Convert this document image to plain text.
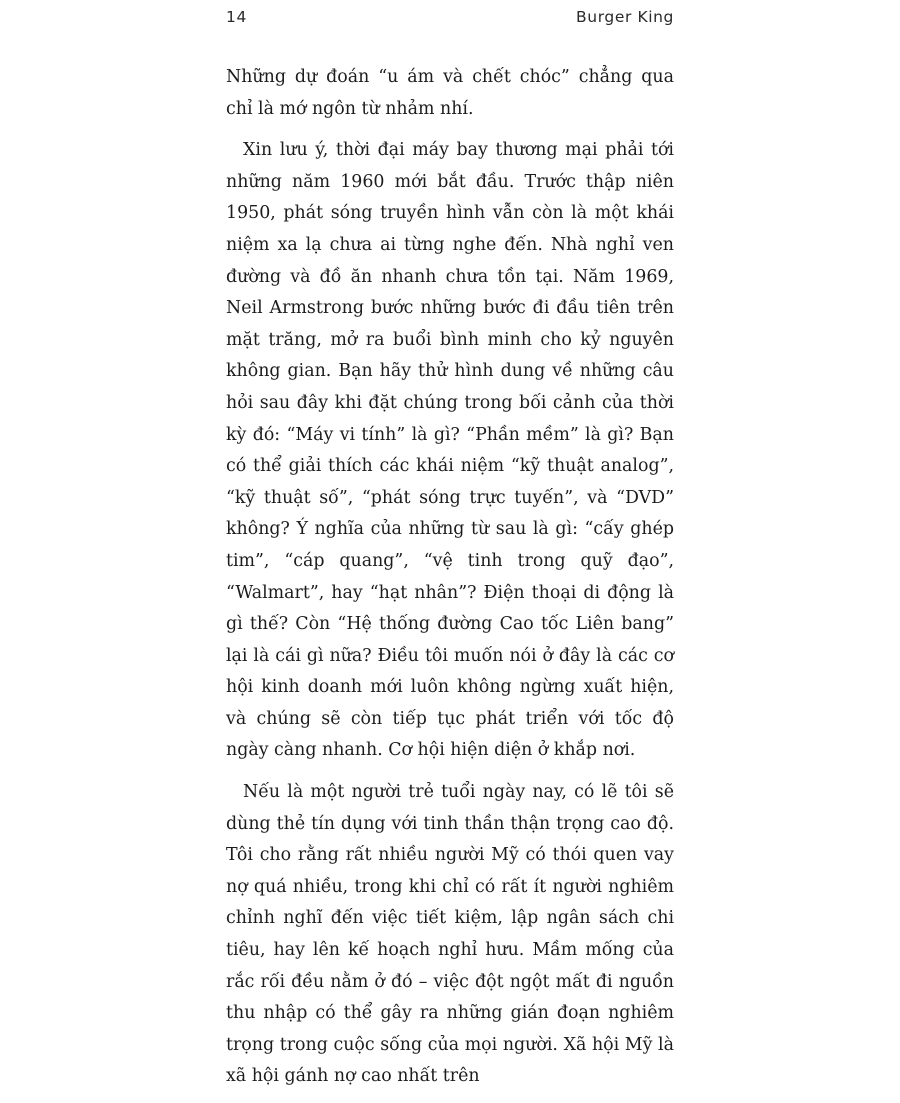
14	Burger King

Những dự đoán “u ám và chết chóc” chẳng qua chỉ là mớ ngôn từ nhảm nhí.

Xin lưu ý, thời đại máy bay thương mại phải tới những năm 1960 mới bắt đầu. Trước thập niên 1950, phát sóng truyền hình vẫn còn là một khái niệm xa lạ chưa ai từng nghe đến. Nhà nghỉ ven đường và đồ ăn nhanh chưa tồn tại. Năm 1969, Neil Armstrong bước những bước đi đầu tiên trên mặt trăng, mở ra buổi bình minh cho kỷ nguyên không gian. Bạn hãy thử hình dung về những câu hỏi sau đây khi đặt chúng trong bối cảnh của thời kỳ đó: “Máy vi tính” là gì? “Phần mềm” là gì? Bạn có thể giải thích các khái niệm “kỹ thuật analog”, “kỹ thuật số”, “phát sóng trực tuyến”, và “DVD” không? Ý nghĩa của những từ sau là gì: “cấy ghép tim”, “cáp quang”, “vệ tinh trong quỹ đạo”, “Walmart”, hay “hạt nhân”? Điện thoại di động là gì thế? Còn “Hệ thống đường Cao tốc Liên bang” lại là cái gì nữa? Điều tôi muốn nói ở đây là các cơ hội kinh doanh mới luôn không ngừng xuất hiện, và chúng sẽ còn tiếp tục phát triển với tốc độ ngày càng nhanh. Cơ hội hiện diện ở khắp nơi.

Nếu là một người trẻ tuổi ngày nay, có lẽ tôi sẽ dùng thẻ tín dụng với tinh thần thận trọng cao độ. Tôi cho rằng rất nhiều người Mỹ có thói quen vay nợ quá nhiều, trong khi chỉ có rất ít người nghiêm chỉnh nghĩ đến việc tiết kiệm, lập ngân sách chi tiêu, hay lên kế hoạch nghỉ hưu. Mầm mống của rắc rối đều nằm ở đó – việc đột ngột mất đi nguồn thu nhập có thể gây ra những gián đoạn nghiêm trọng trong cuộc sống của mọi người. Xã hội Mỹ là xã hội gánh nợ cao nhất trên
